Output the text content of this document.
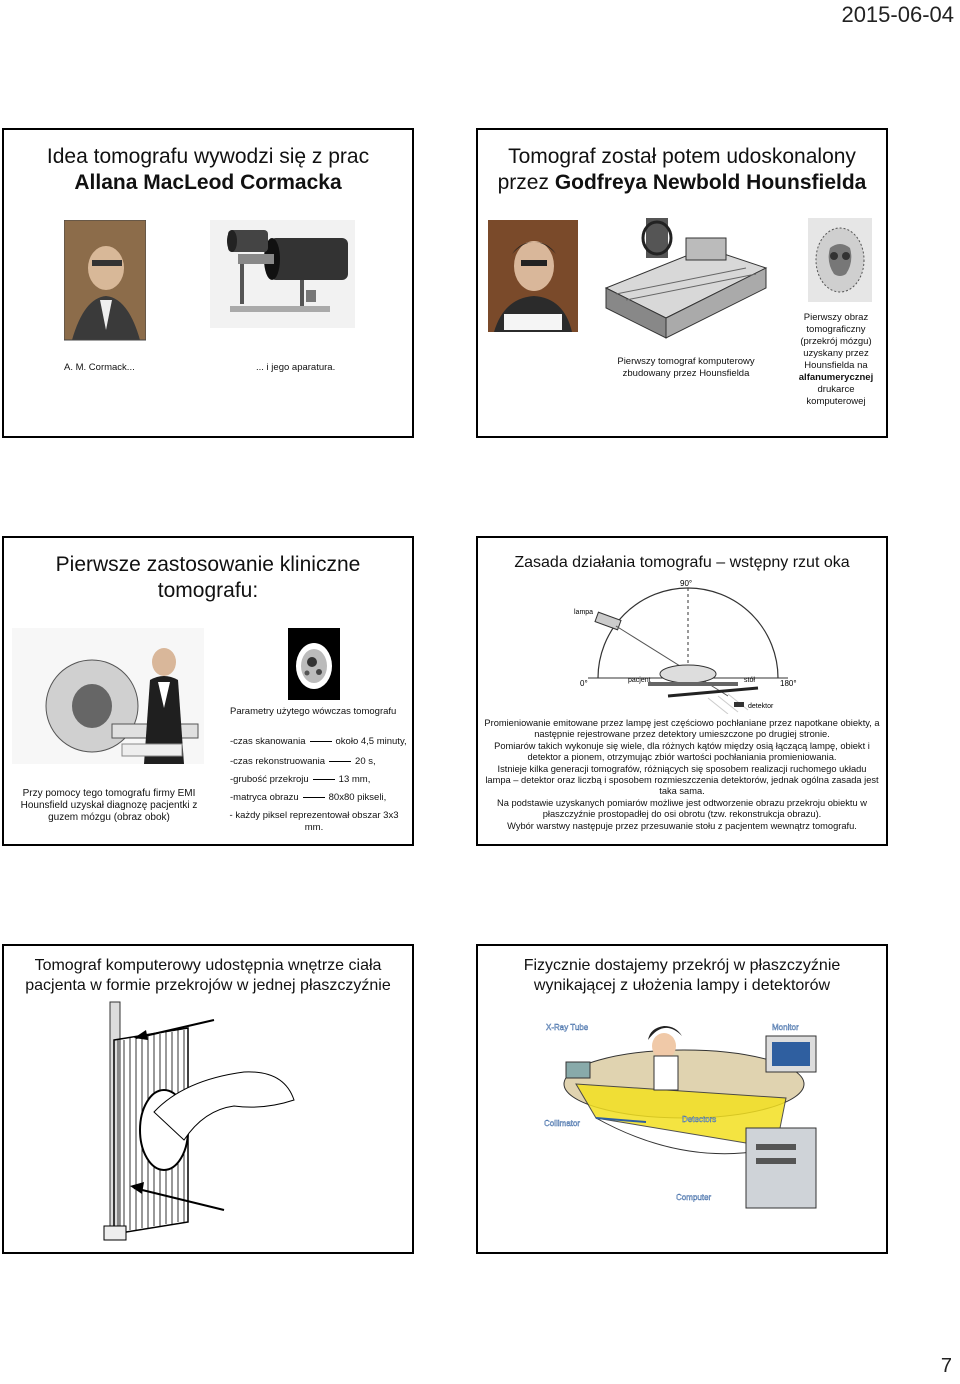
2015-06-04
Idea tomografu wywodzi się z prac
Allana MacLeod Cormacka
A. M. Cormack...	... i jego aparatura.
Tomograf został potem udoskonalony
przez Godfreya Newbold Hounsfielda
Pierwszy tomograf komputerowy zbudowany przez Hounsfielda
Pierwszy obraz tomograficzny (przekrój mózgu) uzyskany przez Hounsfielda na alfanumerycznej drukarce komputerowej
Pierwsze zastosowanie kliniczne tomografu:
Przy pomocy tego tomografu firmy EMI Hounsfield uzyskał diagnozę pacjentki z guzem mózgu (obraz obok)
Parametry użytego wówczas tomografu
-czas skanowania	około 4,5 minuty,
-czas rekonstruowania	20 s,
-grubość przekroju	13 mm,
-matryca obrazu	80x80 pikseli,
- każdy piksel reprezentował obszar 3x3 mm.
Zasada działania tomografu – wstępny rzut oka
90°
0°	180°
lampa
pacjent	stół
detektor
Promieniowanie emitowane przez lampę jest częściowo pochłaniane przez napotkane obiekty, a następnie rejestrowane przez detektory umieszczone po drugiej stronie.
Pomiarów takich wykonuje się wiele, dla różnych kątów między osią łączącą lampę, obiekt i detektor a pionem, otrzymując zbiór wartości pochłaniania promieniowania.
Istnieje kilka generacji tomografów, różniących się sposobem realizacji ruchomego układu lampa – detektor oraz liczbą i sposobem rozmieszczenia detektorów, jednak ogólna zasada jest taka sama.
Na podstawie uzyskanych pomiarów możliwe jest odtworzenie obrazu przekroju obiektu w płaszczyźnie prostopadłej do osi obrotu (tzw. rekonstrukcja obrazu).
Wybór warstwy następuje przez przesuwanie stołu z pacjentem wewnątrz tomografu.
Tomograf komputerowy udostępnia wnętrze ciała pacjenta w formie przekrojów w jednej płaszczyźnie
Fizycznie dostajemy przekrój w płaszczyźnie wynikającej z ułożenia lampy i detektorów
X-Ray Tube	Monitor
Collimator	Detectors
Computer
7
